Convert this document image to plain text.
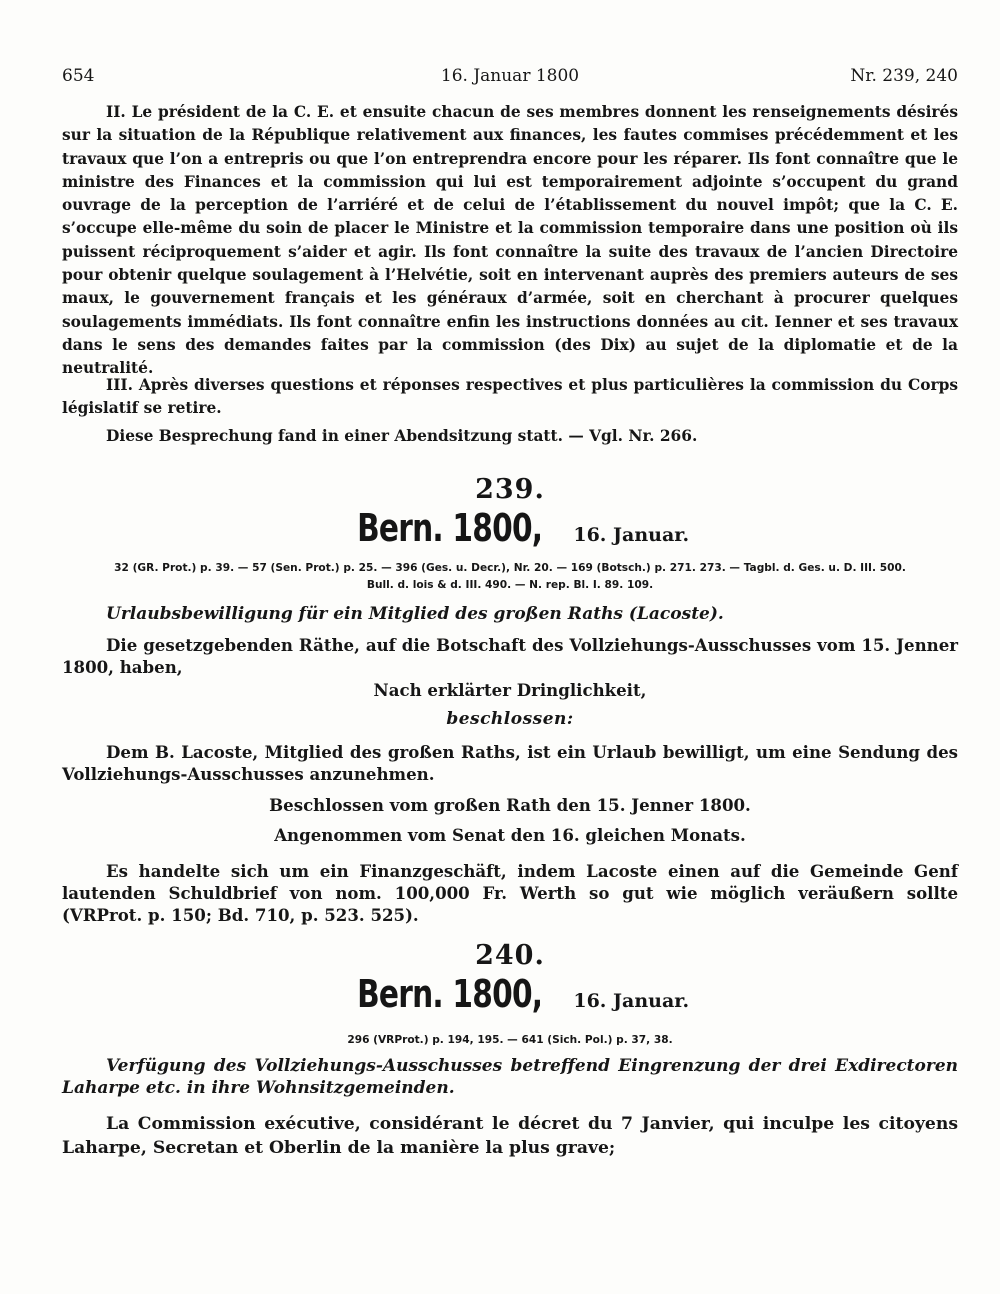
654	16. Januar 1800	Nr. 239, 240

II. Le président de la C. E. et ensuite chacun de ses membres donnent les renseignements désirés sur la situation de la République relativement aux finances, les fautes commises précédemment et les travaux que l’on a entrepris ou que l’on entreprendra encore pour les réparer. Ils font connaître que le ministre des Finances et la commission qui lui est temporairement adjointe s’occupent du grand ouvrage de la perception de l’arriéré et de celui de l’établissement du nouvel impôt; que la C. E. s’occupe elle-même du soin de placer le Ministre et la commission temporaire dans une position où ils puissent réciproquement s’aider et agir. Ils font connaître la suite des travaux de l’ancien Directoire pour obtenir quelque soulagement à l’Helvétie, soit en intervenant auprès des premiers auteurs de ses maux, le gouvernement français et les généraux d’armée, soit en cherchant à procurer quelques soulagements immédiats. Ils font connaître enfin les instructions données au cit. Ienner et ses travaux dans le sens des demandes faites par la commission (des Dix) au sujet de la diplomatie et de la neutralité.

III. Après diverses questions et réponses respectives et plus particulières la commission du Corps législatif se retire.

Diese Besprechung fand in einer Abendsitzung statt. — Vgl. Nr. 266.

239.

Bern. 1800, 16. Januar.

32 (GR. Prot.) p. 39. — 57 (Sen. Prot.) p. 25. — 396 (Ges. u. Decr.), Nr. 20. — 169 (Botsch.) p. 271. 273. — Tagbl. d. Ges. u. D. III. 500.

Bull. d. lois & d. III. 490. — N. rep. Bl. I. 89. 109.

Urlaubsbewilligung für ein Mitglied des großen Raths (Lacoste).

Die gesetzgebenden Räthe, auf die Botschaft des Vollziehungs-Ausschusses vom 15. Jenner 1800, haben,

Nach erklärter Dringlichkeit,

beschlossen:

Dem B. Lacoste, Mitglied des großen Raths, ist ein Urlaub bewilligt, um eine Sendung des Vollziehungs-Ausschusses anzunehmen.

Beschlossen vom großen Rath den 15. Jenner 1800.

Angenommen vom Senat den 16. gleichen Monats.

Es handelte sich um ein Finanzgeschäft, indem Lacoste einen auf die Gemeinde Genf lautenden Schuldbrief von nom. 100,000 Fr. Werth so gut wie möglich veräußern sollte (VRProt. p. 150; Bd. 710, p. 523. 525).

240.

Bern. 1800, 16. Januar.

296 (VRProt.) p. 194, 195. — 641 (Sich. Pol.) p. 37, 38.

Verfügung des Vollziehungs-Ausschusses betreffend Eingrenzung der drei Exdirectoren Laharpe etc. in ihre Wohnsitzgemeinden.

La Commission exécutive, considérant le décret du 7 Janvier, qui inculpe les citoyens Laharpe, Secretan et Oberlin de la manière la plus grave;
